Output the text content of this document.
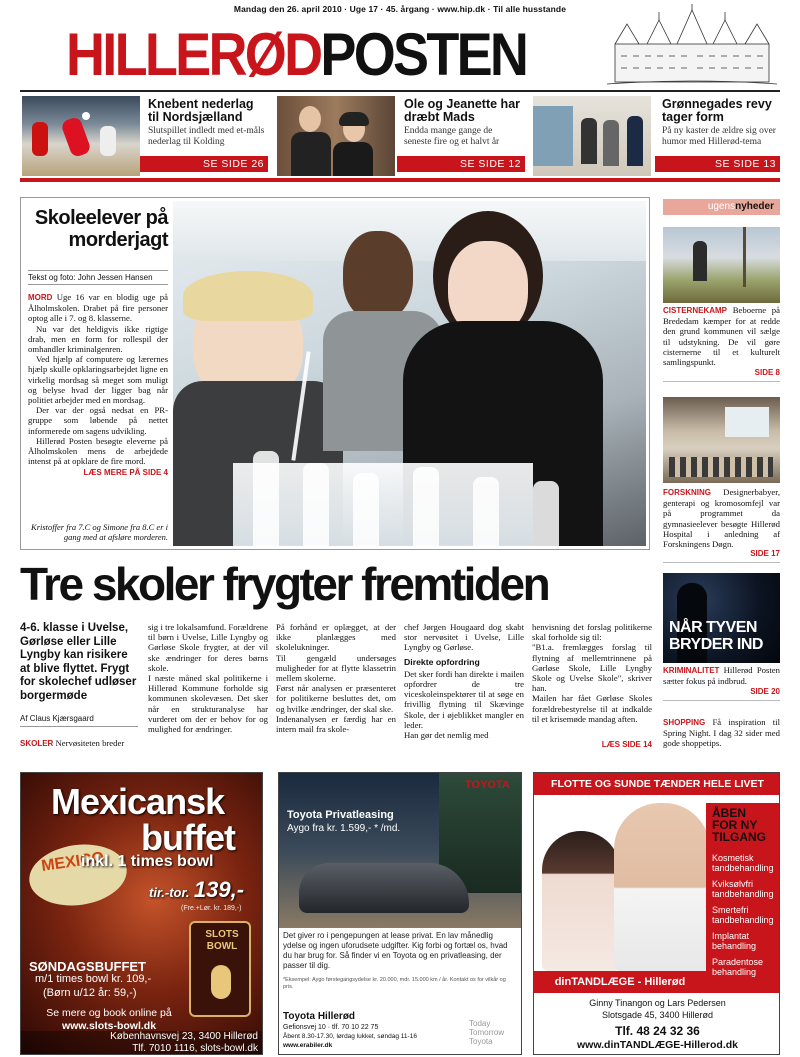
Mandag den 26. april 2010 · Uge 17 · 45. årgang · www.hip.dk · Til alle husstande
HILLERØDPOSTEN
Knebent nederlag til Nordsjælland
Slutspillet indledt med et-måls nederlag til Kolding
SE SIDE 26
Ole og Jeanette har dræbt Mads
Endda mange gange de seneste fire og et halvt år
SE SIDE 12
Grønnegades revy tager form
På ny kaster de ældre sig over humor med Hillerød-tema
SE SIDE 13
Skoleelever på morderjagt
Tekst og foto: John Jessen Hansen

MORD Uge 16 var en blodig uge på Ålholmskolen. Drabet på fire personer optog alle i 7. og 8. klasserne.

Nu var det heldigvis ikke rigtige drab, men en form for rollespil der omhandler kriminalgenren.

Ved hjælp af computere og lærernes hjælp skulle opklaringsarbejdet ligne en virkelig mordsag så meget som muligt og belyse hvad der ligger bag når politiet arbejder med en mordsag.

Der var der også nedsat en PR-gruppe som løbende på nettet informerede om sagens udvikling.

Hillerød Posten besøgte eleverne på Ålholmskolen mens de arbejdede intenst på at opklare de fire mord.

LÆS MERE PÅ SIDE 4

Kristoffer fra 7.C og Simone fra 8.C er i gang med at afsløre morderen.
ugensnyheder
CISTERNEKAMP Beboerne på Brededam kæmper for at redde den grund kommunen vil sælge til udstykning. De vil gøre cisternerne til et kulturelt samlingspunkt.
SIDE 8
FORSKNING Designerbabyer, genterapi og kromosomfejl var på programmet da gymnasieelever besøgte Hillerød Hospital i anledning af Forskningens Døgn.
SIDE 17
NÅR TYVEN BRYDER IND
KRIMINALITET Hillerød Posten sætter fokus på indbrud.
SIDE 20
SHOPPING Få inspiration til Spring Night. I dag 32 sider med gode shoppetips.
Tre skoler frygter fremtiden
4-6. klasse i Uvelse, Gørløse eller Lille Lyngby kan risikere at blive flyttet. Frygt for skolechef udløser borgermøde
Af Claus Kjærsgaard
SKOLER Nervøsiteten breder
sig i tre lokalsamfund. Forældrene til børn i Uvelse, Lille Lyngby og Gørløse Skole frygter, at der vil ske ændringer for deres børns skole.
I næste måned skal politikerne i Hillerød Kommune forholde sig kommunen skolevæsen. Det sker når en strukturanalyse har vurderet om der er behov for og mulighed for ændringer.
På forhånd er oplægget, at der ikke planlægges med skolelukninger.
Til gengæld undersøges muligheder for at flytte klassetrin mellem skolerne.
Først når analysen er præsenteret for politikerne besluttes det, om og hvilke ændringer, der skal ske.
Indenanalysen er færdig har en intern mail fra skole-

chef Jørgen Hougaard dog skabt stor nervøsitet i Uvelse, Lille Lyngby og Gørløse.

Direkte opfordring

Det sker fordi han direkte i mailen opfordrer de tre viceskoleinspektører til at søge en frivillig flytning til Skævinge Skole, der i øjeblikket mangler en leder.
Han gør det nemlig med

henvisning det forslag politikerne skal forholde sig til:
"B1.a. fremlægges forslag til flytning af mellemtrinnene på Gørløse Skole, Lille Lyngby Skole og Uvelse Skole", skriver han.
Mailen har fået Gørløse Skoles forældrebestyrelse til at indkalde til et krisemøde mandag aften.
LÆS SIDE 14
Mexicansk
buffet
MEXICO
inkl. 1 times bowl
tir.-tor. 139,-
(Fre.+Lør. kr. 189,-)
SLOTS
BOWL
SØNDAGSBUFFET
m/1 times bowl kr. 109,-
(Børn u/12 år: 59,-)
Se mere og book online på
www.slots-bowl.dk
Københavnsvej 23, 3400 Hillerød
Tlf. 7010 1116, slots-bowl.dk
TOYOTA
Toyota Privatleasing
Aygo fra kr. 1.599,- * /md.
Det giver ro i pengepungen at lease privat. En lav månedlig ydelse og ingen uforudsete udgifter. Kig forbi og fortæl os, hvad du har brug for. Så finder vi en Toyota og en privatleasing, der passer til dig.
*Eksempel: Aygo førstegangsydelse kr. 20.000, mdr. 15.000 km / år. Kontakt os for vilkår og pris.
Toyota Hillerød
Gefionsvej 10 · tlf. 70 10 22 75
Åbent 8.30-17.30, lørdag lukket, søndag 11-16
www.erabiler.dk
Today
Tomorrow
Toyota
FLOTTE OG SUNDE TÆNDER HELE LIVET
ÅBEN
FOR NY
TILGANG

Kosmetisk tandbehandling

Kviksølvfri tandbehandling

Smertefri tandbehandling

Implantat behandling

Paradentose behandling

dinTANDLÆGE - Hillerød
Ginny Tinangon og Lars Pedersen
Slotsgade 45, 3400 Hillerød
Tlf. 48 24 32 36
www.dinTANDLÆGE-Hillerod.dk
